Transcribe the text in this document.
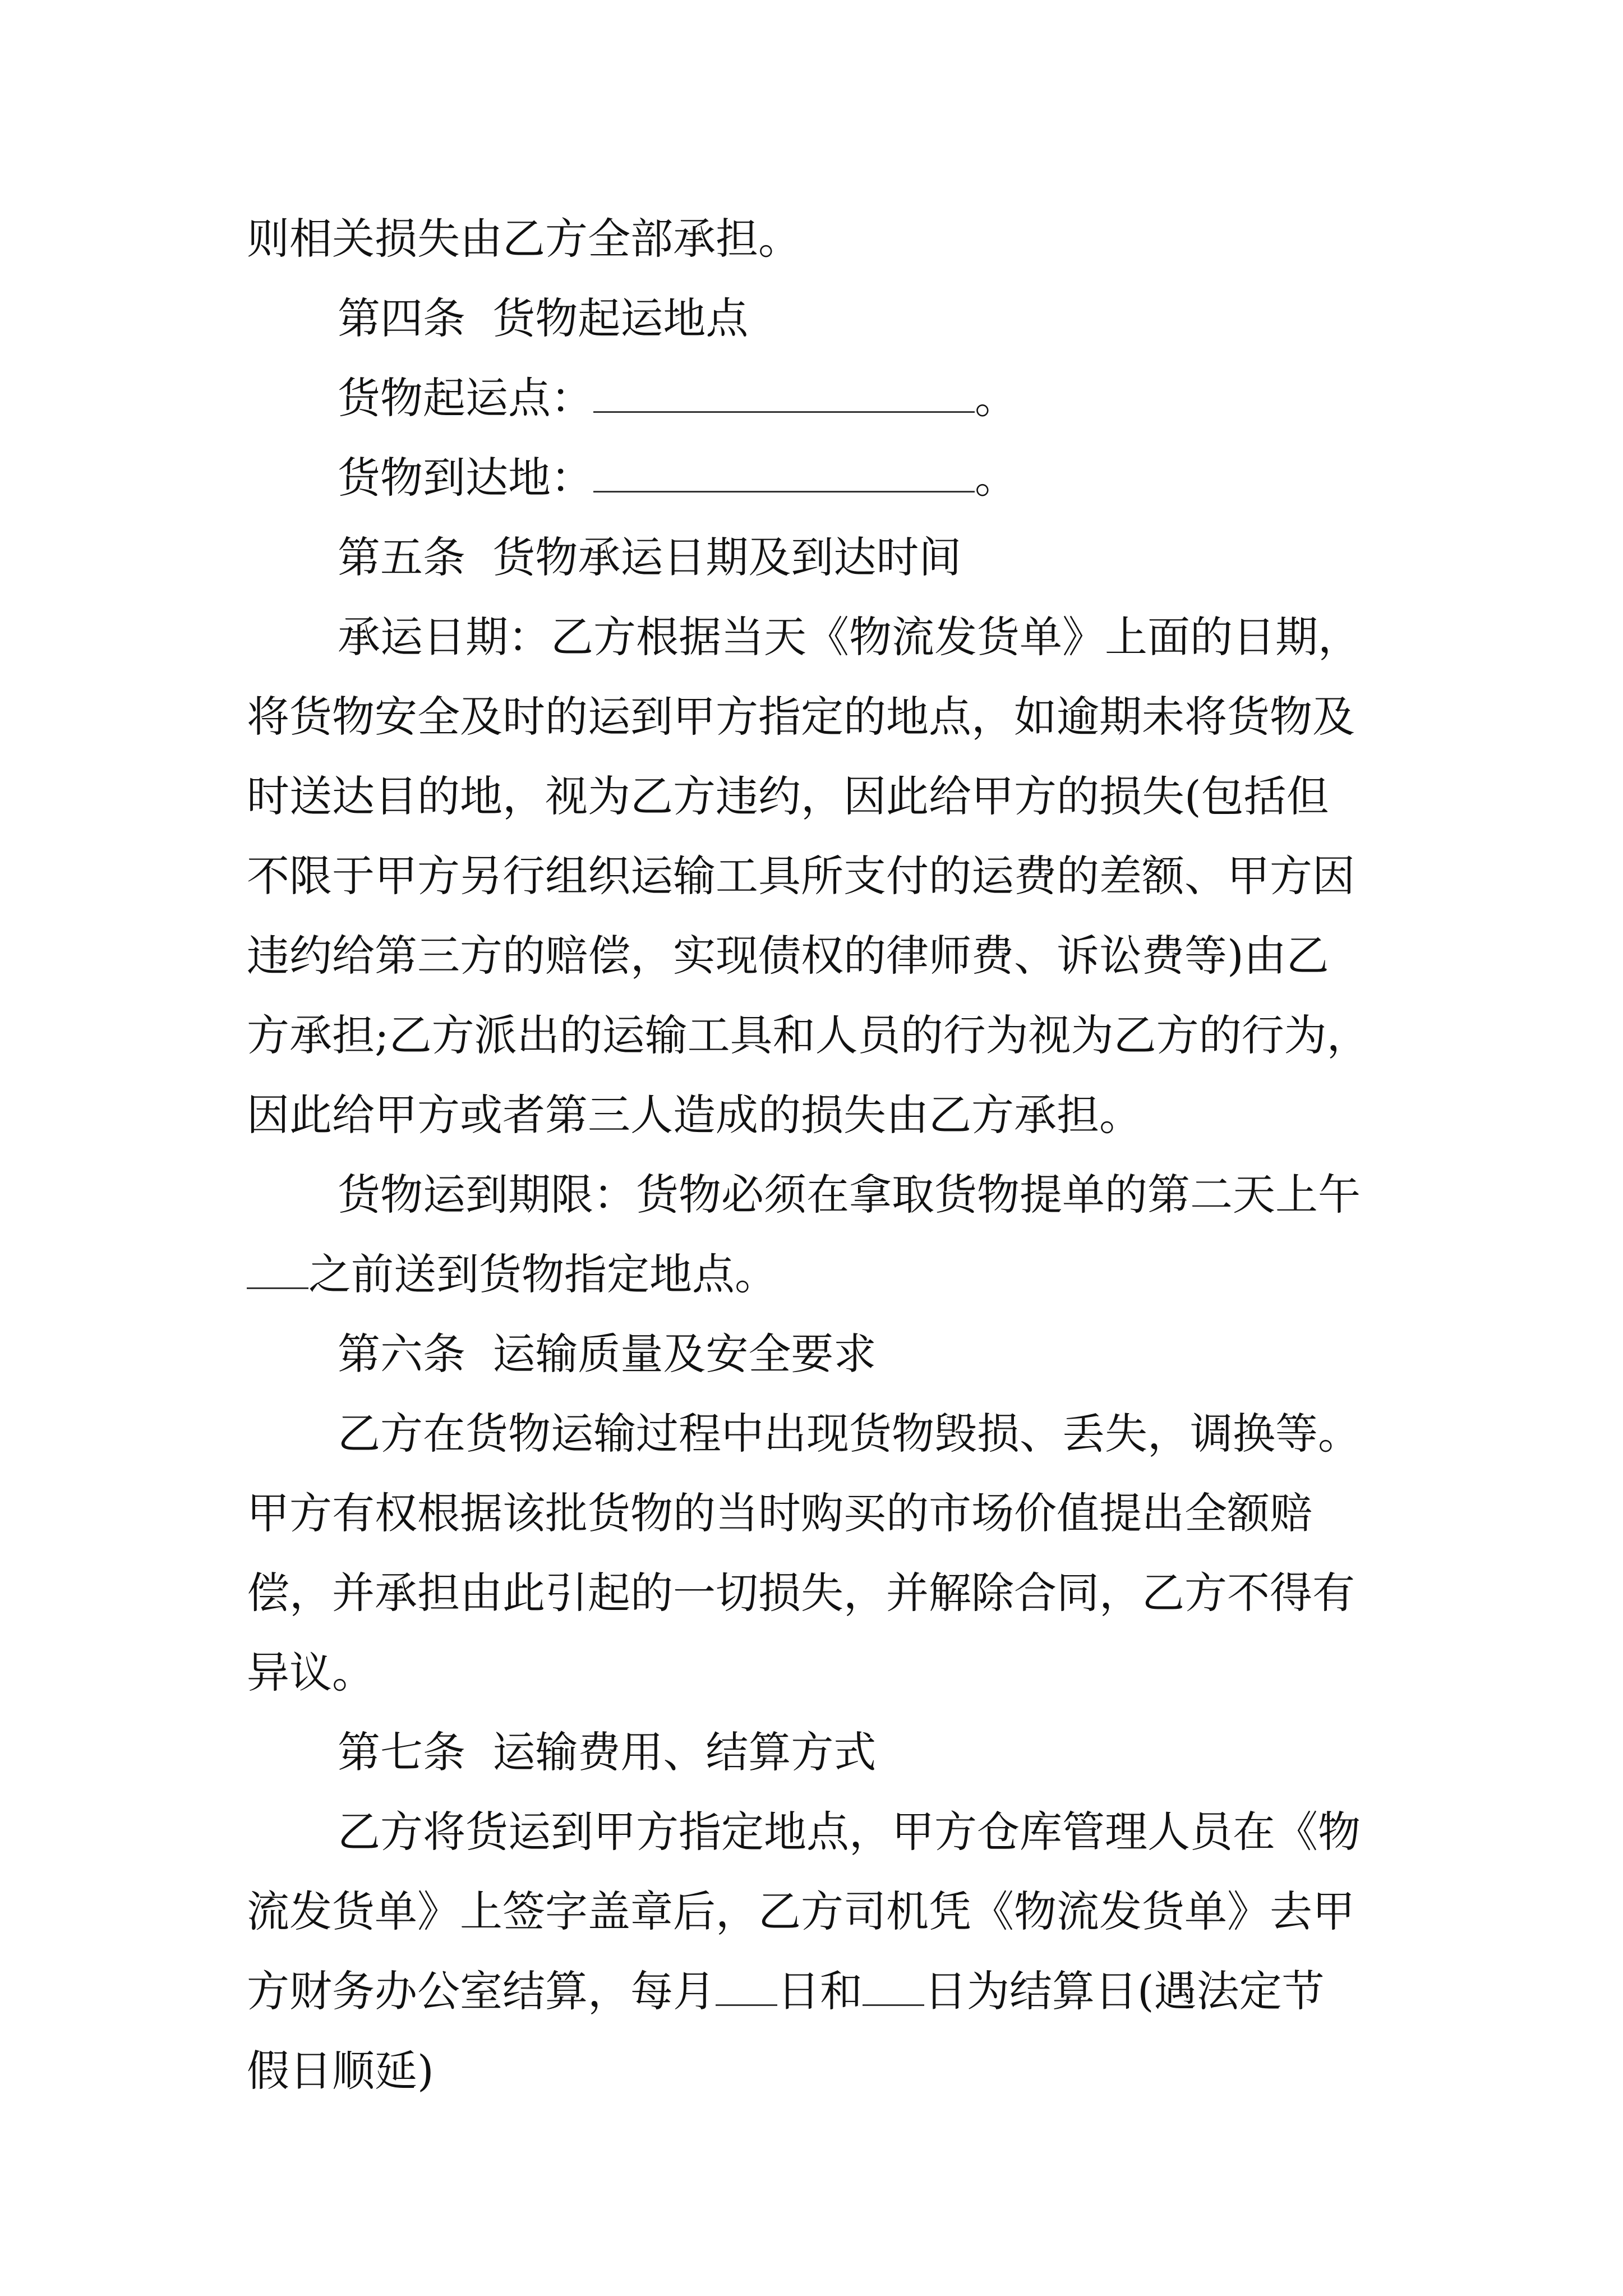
则相关损失由乙方全部承担。
第四条  货物起运地点
货物起运点：	。
货物到达地：	。
第五条  货物承运日期及到达时间
承运日期：乙方根据当天《物流发货单》上面的日期，
将货物安全及时的运到甲方指定的地点，如逾期未将货物及
时送达目的地，视为乙方违约，因此给甲方的损失(包括但
不限于甲方另行组织运输工具所支付的运费的差额、甲方因
违约给第三方的赔偿，实现债权的律师费、诉讼费等)由乙
方承担;乙方派出的运输工具和人员的行为视为乙方的行为，
因此给甲方或者第三人造成的损失由乙方承担。
货物运到期限：货物必须在拿取货物提单的第二天上午
之前送到货物指定地点。
第六条  运输质量及安全要求
乙方在货物运输过程中出现货物毁损、丢失，调换等。
甲方有权根据该批货物的当时购买的市场价值提出全额赔
偿，并承担由此引起的一切损失，并解除合同，乙方不得有
异议。
第七条  运输费用、结算方式
乙方将货运到甲方指定地点，甲方仓库管理人员在《物
流发货单》上签字盖章后，乙方司机凭《物流发货单》去甲
方财务办公室结算，每月 日和 日为结算日(遇法定节
假日顺延)
